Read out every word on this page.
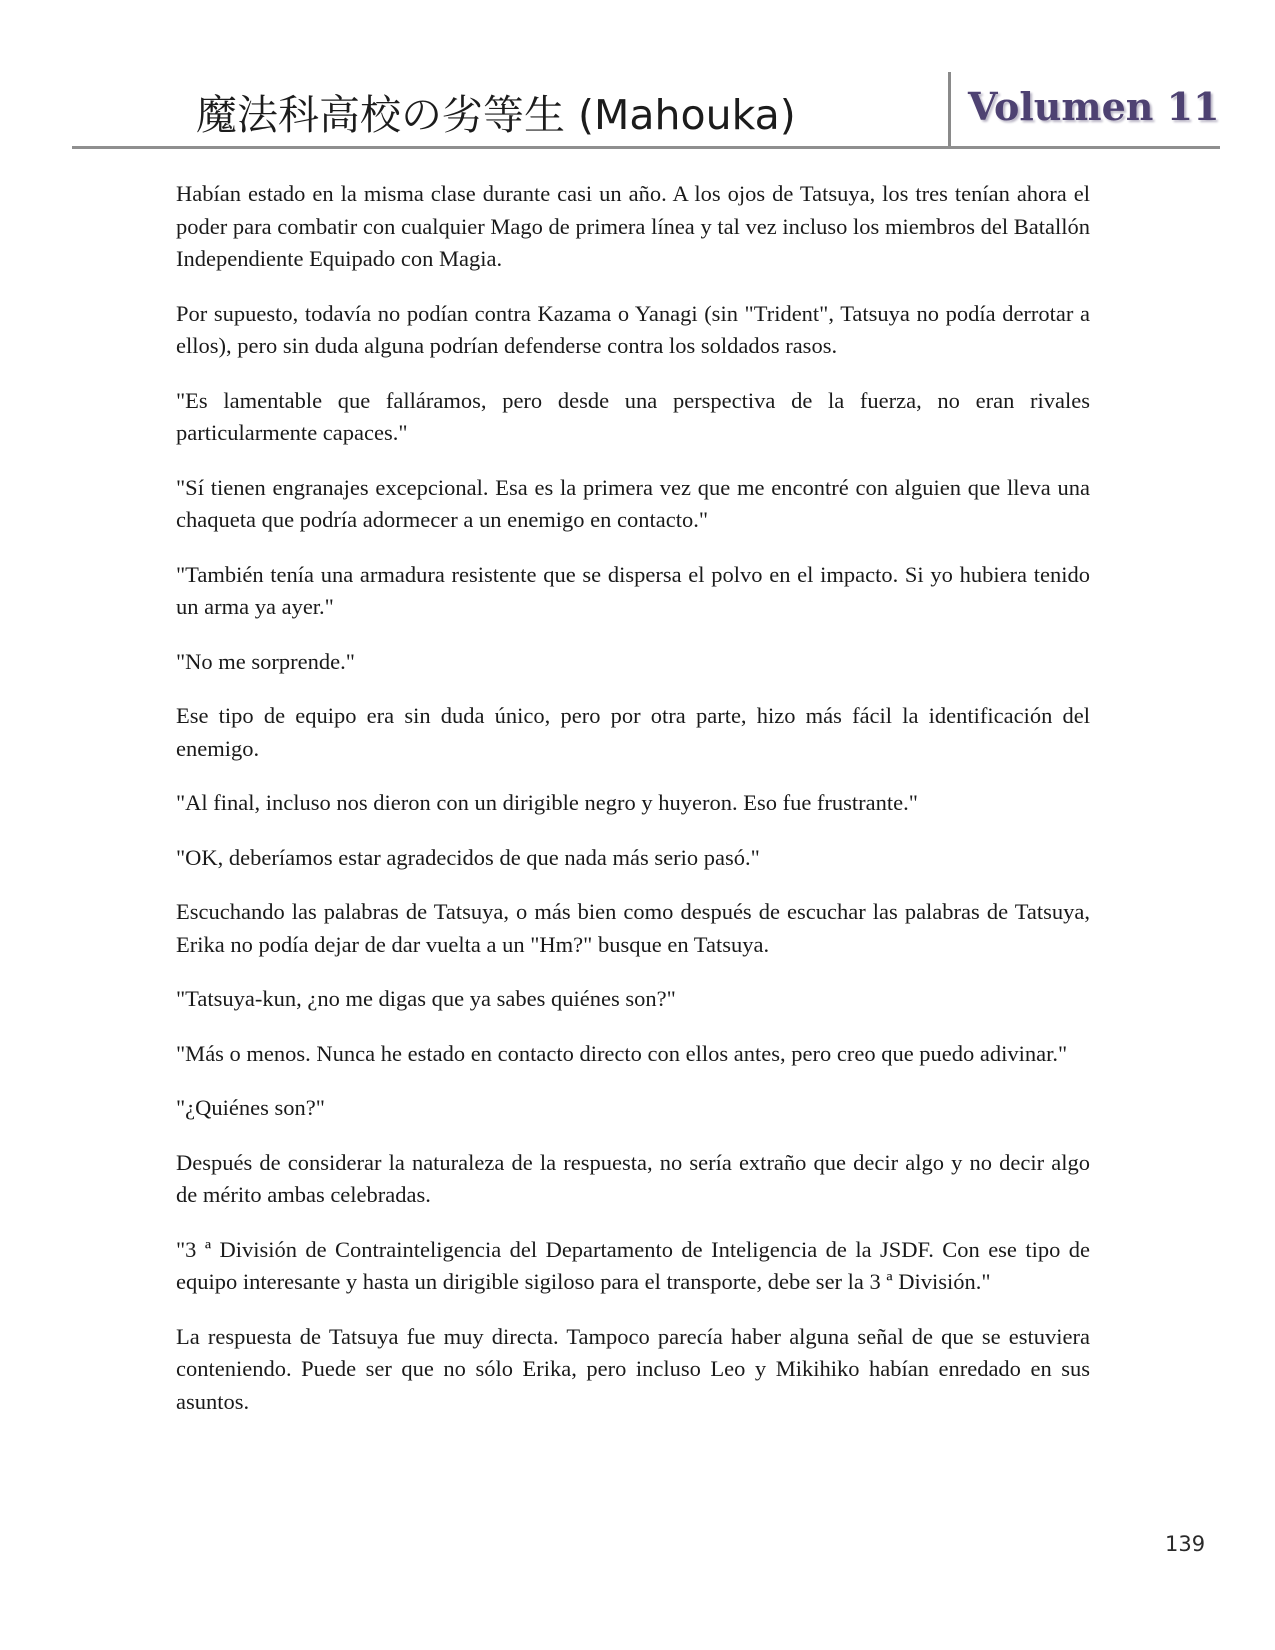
魔法科高校の劣等生 (Mahouka)	Volumen 11

Habían estado en la misma clase durante casi un año. A los ojos de Tatsuya, los tres tenían ahora el poder para combatir con cualquier Mago de primera línea y tal vez incluso los miembros del Batallón Independiente Equipado con Magia.

Por supuesto, todavía no podían contra Kazama o Yanagi (sin "Trident", Tatsuya no podía derrotar a ellos), pero sin duda alguna podrían defenderse contra los soldados rasos.

"Es lamentable que falláramos, pero desde una perspectiva de la fuerza, no eran rivales particularmente capaces."

"Sí tienen engranajes excepcional. Esa es la primera vez que me encontré con alguien que lleva una chaqueta que podría adormecer a un enemigo en contacto."

"También tenía una armadura resistente que se dispersa el polvo en el impacto. Si yo hubiera tenido un arma ya ayer."

"No me sorprende."

Ese tipo de equipo era sin duda único, pero por otra parte, hizo más fácil la identificación del enemigo.

"Al final, incluso nos dieron con un dirigible negro y huyeron. Eso fue frustrante."

"OK, deberíamos estar agradecidos de que nada más serio pasó."

Escuchando las palabras de Tatsuya, o más bien como después de escuchar las palabras de Tatsuya, Erika no podía dejar de dar vuelta a un "Hm?" busque en Tatsuya.

"Tatsuya-kun, ¿no me digas que ya sabes quiénes son?"

"Más o menos. Nunca he estado en contacto directo con ellos antes, pero creo que puedo adivinar."

"¿Quiénes son?"

Después de considerar la naturaleza de la respuesta, no sería extraño que decir algo y no decir algo de mérito ambas celebradas.

"3 ª División de Contrainteligencia del Departamento de Inteligencia de la JSDF. Con ese tipo de equipo interesante y hasta un dirigible sigiloso para el transporte, debe ser la 3 ª División."

La respuesta de Tatsuya fue muy directa. Tampoco parecía haber alguna señal de que se estuviera conteniendo. Puede ser que no sólo Erika, pero incluso Leo y Mikihiko habían enredado en sus asuntos.

139
